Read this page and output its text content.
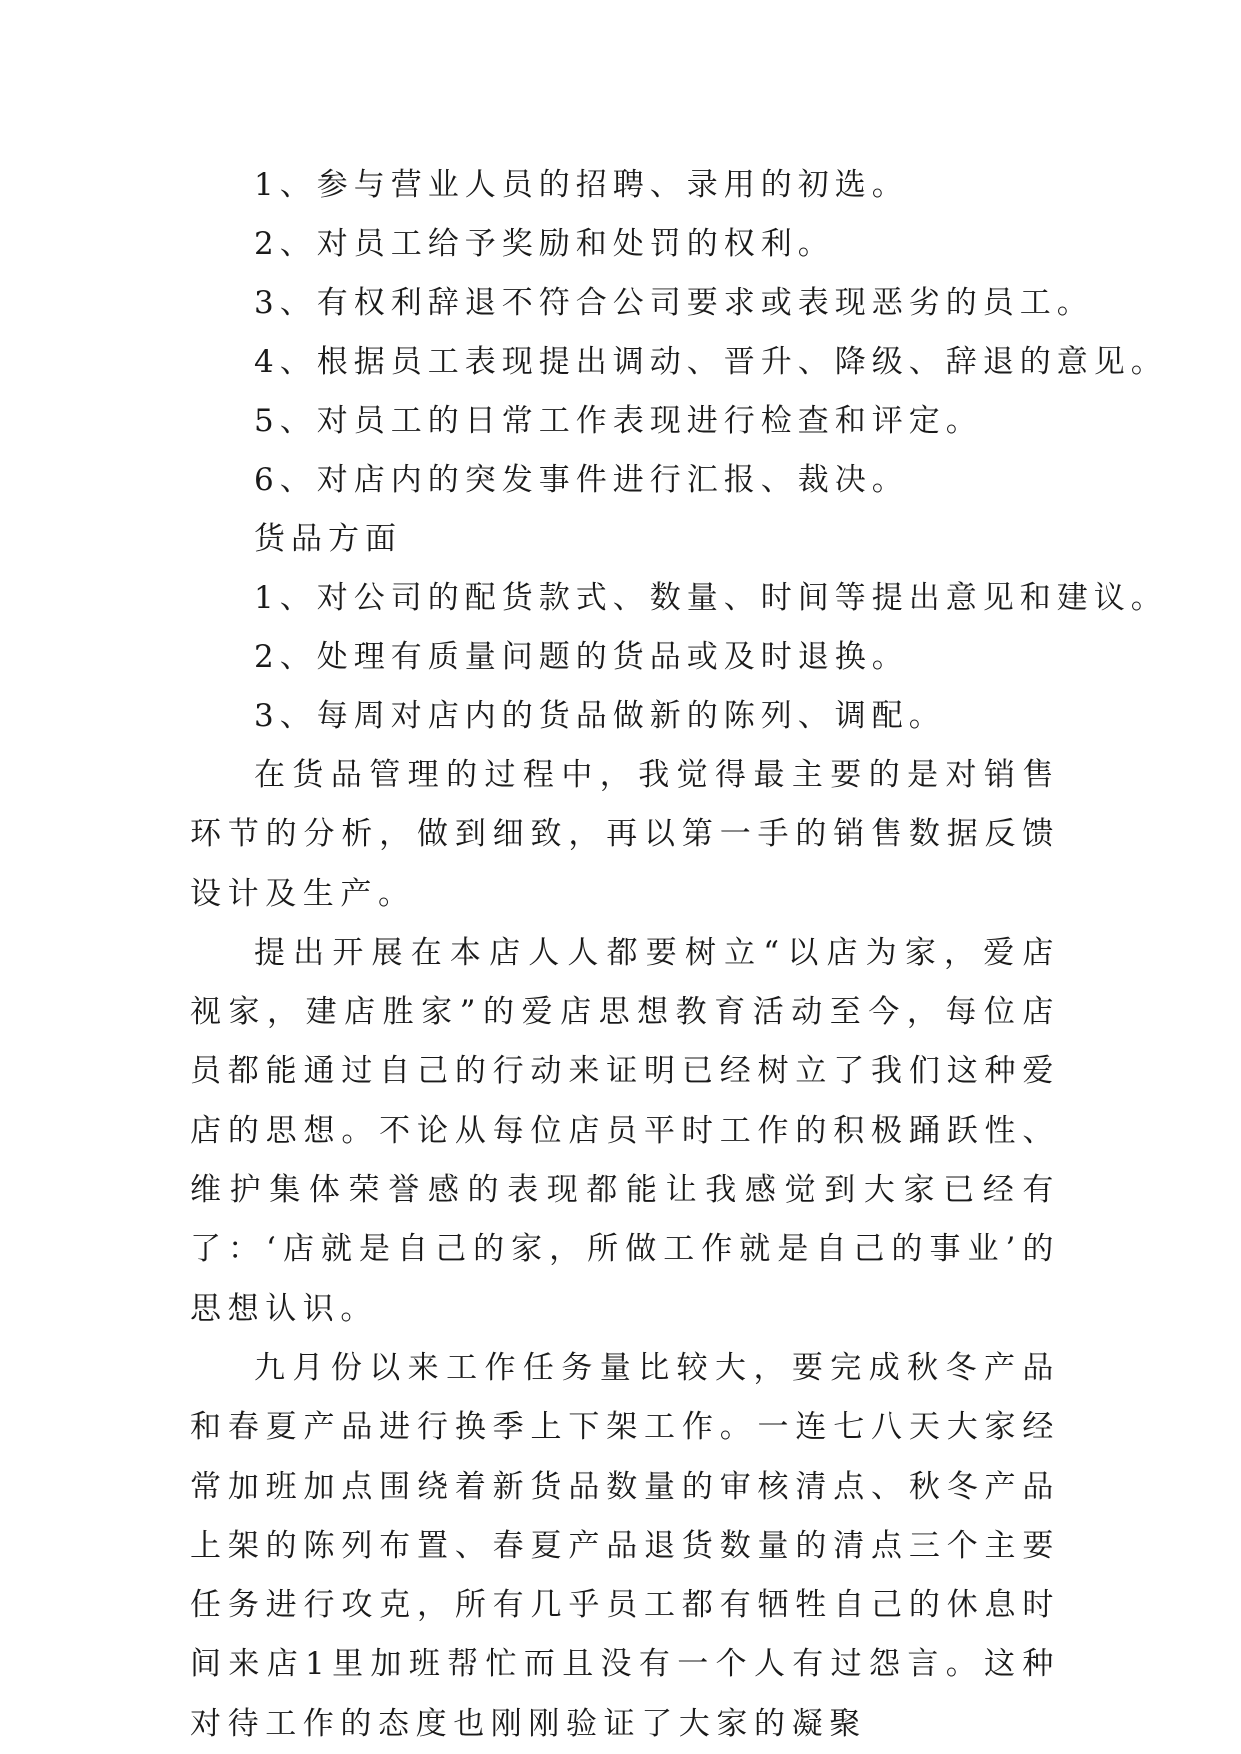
1、参与营业人员的招聘、录用的初选。
2、对员工给予奖励和处罚的权利。
3、有权利辞退不符合公司要求或表现恶劣的员工。
4、根据员工表现提出调动、晋升、降级、辞退的意见。
5、对员工的日常工作表现进行检查和评定。
6、对店内的突发事件进行汇报、裁决。
货品方面
1、对公司的配货款式、数量、时间等提出意见和建议。
2、处理有质量问题的货品或及时退换。
3、每周对店内的货品做新的陈列、调配。

在货品管理的过程中，我觉得最主要的是对销售环节的分析，做到细致，再以第一手的销售数据反馈设计及生产。

提出开展在本店人人都要树立“以店为家，爱店视家，建店胜家”的爱店思想教育活动至今，每位店员都能通过自己的行动来证明已经树立了我们这种爱店的思想。不论从每位店员平时工作的积极踊跃性、维护集体荣誉感的表现都能让我感觉到大家已经有了：‘店就是自己的家，所做工作就是自己的事业’的思想认识。

九月份以来工作任务量比较大，要完成秋冬产品和春夏产品进行换季上下架工作。一连七八天大家经常加班加点围绕着新货品数量的审核清点、秋冬产品上架的陈列布置、春夏产品退货数量的清点三个主要任务进行攻克，所有几乎员工都有牺牲自己的休息时间来店1里加班帮忙而且没有一个人有过怨言。这种对待工作的态度也刚刚验证了大家的凝聚
